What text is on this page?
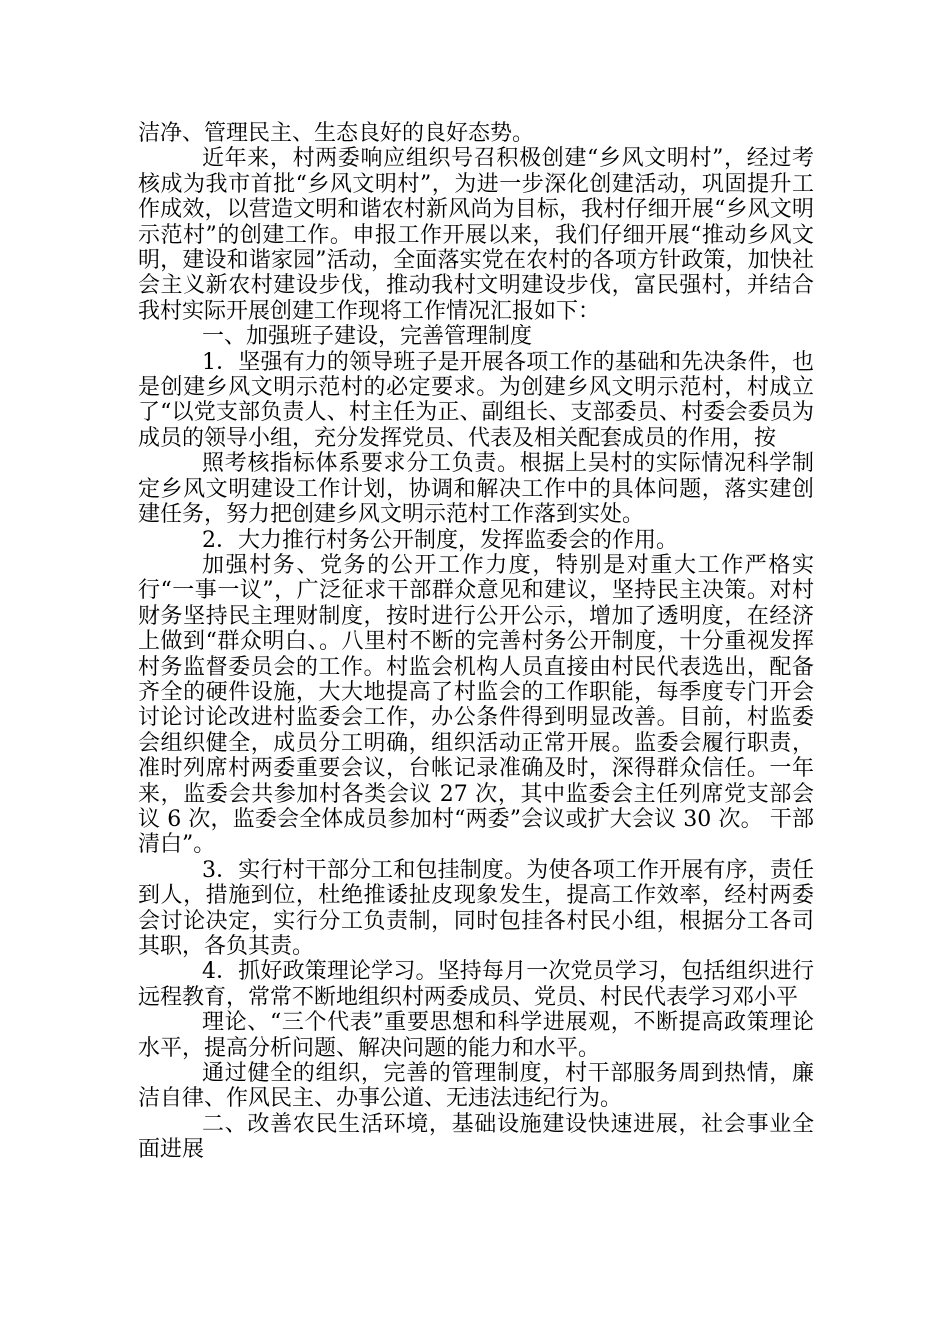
洁净、管理民主、生态良好的良好态势。

近年来，村两委响应组织号召积极创建“乡风文明村”，经过考核成为我市首批“乡风文明村”，为进一步深化创建活动，巩固提升工作成效，以营造文明和谐农村新风尚为目标，我村仔细开展“乡风文明示范村”的创建工作。申报工作开展以来，我们仔细开展“推动乡风文明，建设和谐家园”活动，全面落实党在农村的各项方针政策，加快社会主义新农村建设步伐，推动我村文明建设步伐，富民强村，并结合我村实际开展创建工作现将工作情况汇报如下：

一、加强班子建设，完善管理制度

1．坚强有力的领导班子是开展各项工作的基础和先决条件，也是创建乡风文明示范村的必定要求。为创建乡风文明示范村，村成立了“以党支部负责人、村主任为正、副组长、支部委员、村委会委员为成员的领导小组，充分发挥党员、代表及相关配套成员的作用，按

照考核指标体系要求分工负责。根据上吴村的实际情况科学制定乡风文明建设工作计划，协调和解决工作中的具体问题，落实建创建任务，努力把创建乡风文明示范村工作落到实处。

2．大力推行村务公开制度，发挥监委会的作用。

加强村务、党务的公开工作力度，特别是对重大工作严格实行“一事一议”，广泛征求干部群众意见和建议，坚持民主决策。对村财务坚持民主理财制度，按时进行公开公示，增加了透明度，在经济上做到“群众明白、。八里村不断的完善村务公开制度，十分重视发挥村务监督委员会的工作。村监会机构人员直接由村民代表选出，配备齐全的硬件设施，大大地提高了村监会的工作职能，每季度专门开会讨论讨论改进村监委会工作，办公条件得到明显改善。目前，村监委会组织健全，成员分工明确，组织活动正常开展。监委会履行职责，准时列席村两委重要会议，台帐记录准确及时，深得群众信任。一年来，监委会共参加村各类会议 27 次，其中监委会主任列席党支部会议 6 次，监委会全体成员参加村“两委”会议或扩大会议 30 次。 干部清白”。

3．实行村干部分工和包挂制度。为使各项工作开展有序，责任到人，措施到位，杜绝推诿扯皮现象发生，提高工作效率，经村两委会讨论决定，实行分工负责制，同时包挂各村民小组，根据分工各司其职，各负其责。

4．抓好政策理论学习。坚持每月一次党员学习，包括组织进行远程教育，常常不断地组织村两委成员、党员、村民代表学习邓小平

理论、“三个代表”重要思想和科学进展观，不断提高政策理论水平，提高分析问题、解决问题的能力和水平。

通过健全的组织，完善的管理制度，村干部服务周到热情，廉洁自律、作风民主、办事公道、无违法违纪行为。

二、改善农民生活环境，基础设施建设快速进展，社会事业全面进展
